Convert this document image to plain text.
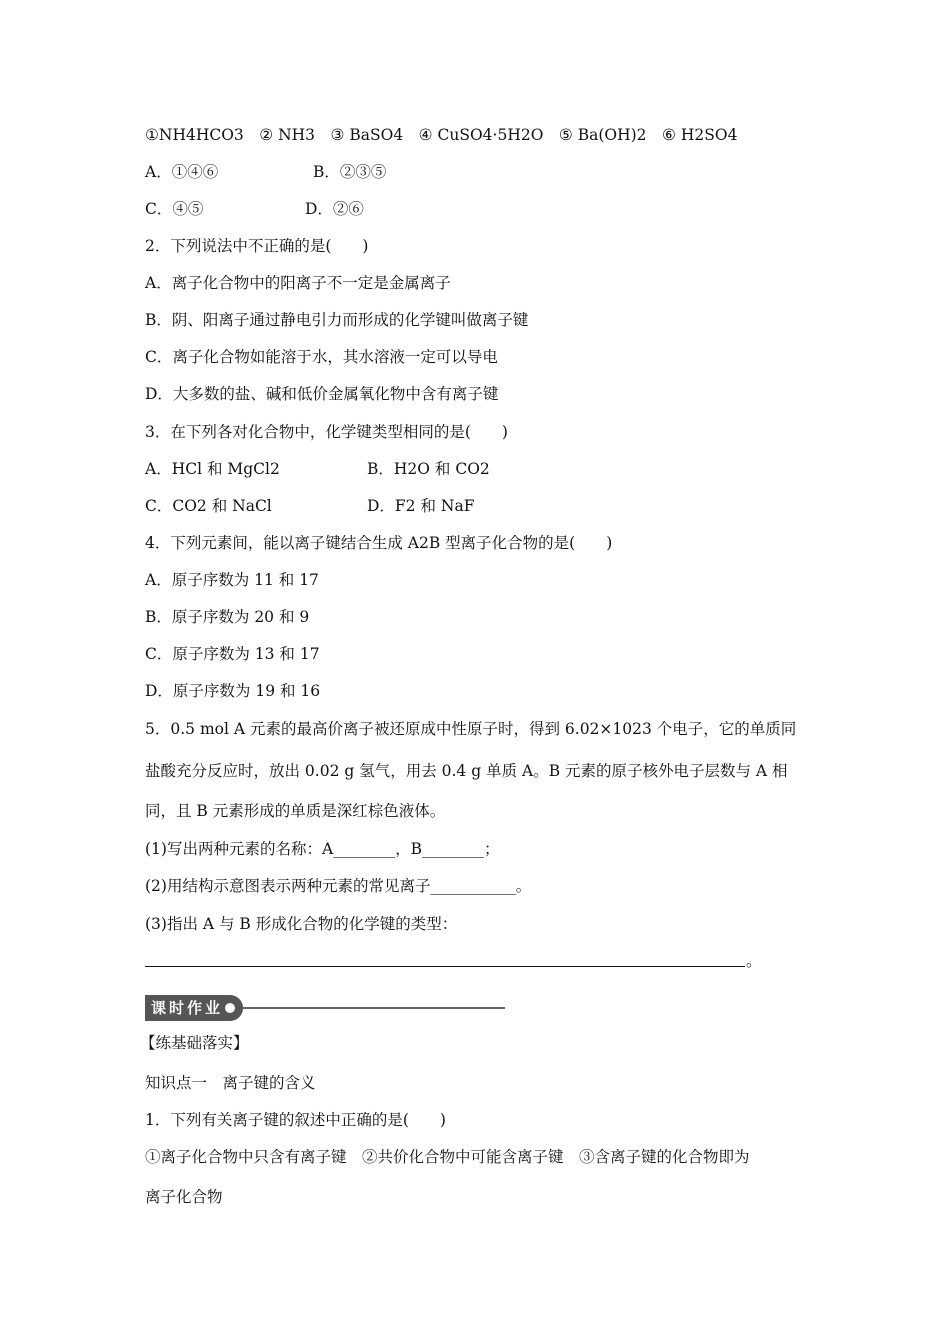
①NH4HCO3　② NH3　③ BaSO4　④ CuSO4·5H2O　⑤ Ba(OH)2　⑥ H2SO4
A．①④⑥	B．②③⑤
C．④⑤	D．②⑥
2．下列说法中不正确的是(　　)
A．离子化合物中的阳离子不一定是金属离子
B．阴、阳离子通过静电引力而形成的化学键叫做离子键
C．离子化合物如能溶于水，其水溶液一定可以导电
D．大多数的盐、碱和低价金属氧化物中含有离子键
3．在下列各对化合物中，化学键类型相同的是(　　)
A．HCl 和 MgCl2	B．H2O 和 CO2
C．CO2 和 NaCl	D．F2 和 NaF
4．下列元素间，能以离子键结合生成 A2B 型离子化合物的是(　　)
A．原子序数为 11 和 17
B．原子序数为 20 和 9
C．原子序数为 13 和 17
D．原子序数为 19 和 16
5．0.5 mol A 元素的最高价离子被还原成中性原子时，得到 6.02×1023 个电子，它的单质同
盐酸充分反应时，放出 0.02 g 氢气，用去 0.4 g 单质 A。B 元素的原子核外电子层数与 A 相
同，且 B 元素形成的单质是深红棕色液体。
(1)写出两种元素的名称：A________，B________；
(2)用结构示意图表示两种元素的常见离子___________。
(3)指出 A 与 B 形成化合物的化学键的类型：
。
课时作业
【练基础落实】
知识点一　离子键的含义
1．下列有关离子键的叙述中正确的是(　　)
①离子化合物中只含有离子键　②共价化合物中可能含离子键　③含离子键的化合物即为
离子化合物
